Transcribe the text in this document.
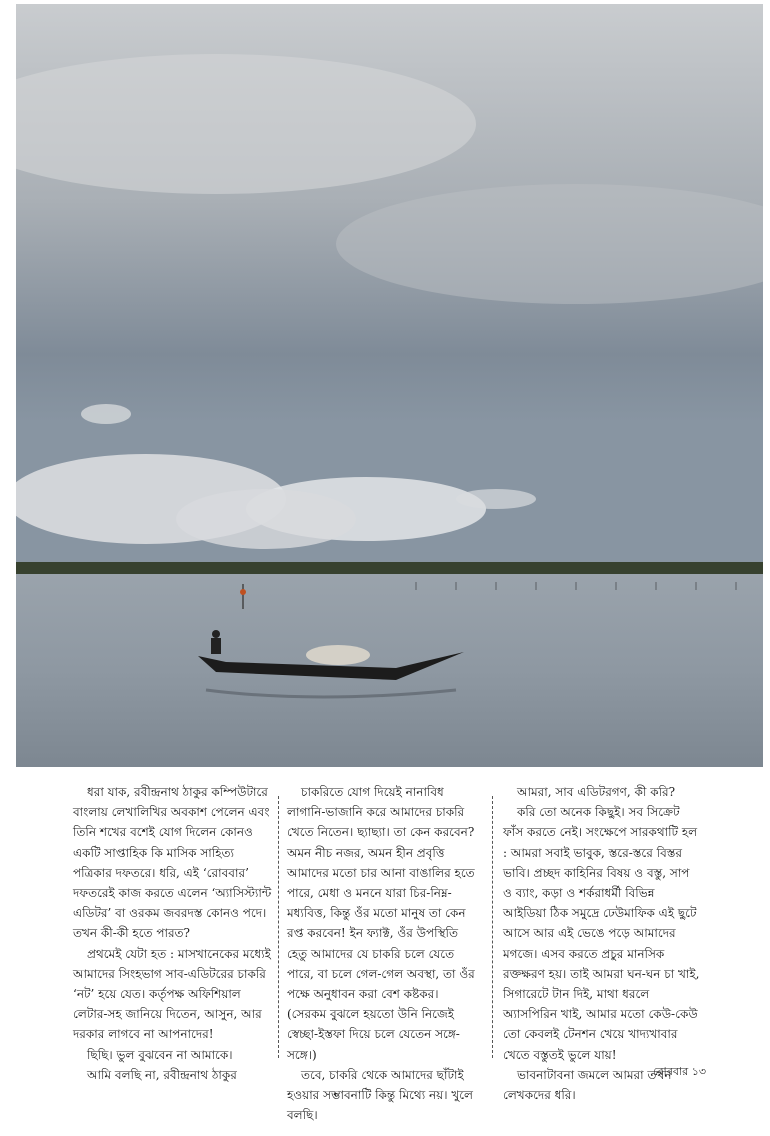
ধরা যাক, রবীন্দ্রনাথ ঠাকুর কম্পিউটারে বাংলায় লেখালিখির অবকাশ পেলেন এবং তিনি শখের বশেই যোগ দিলেন কোনও একটি সাপ্তাহিক কি মাসিক সাহিত্য পত্রিকার দফতরে। ধরি, এই ‘রোববার’ দফতরেই কাজ করতে এলেন ‘অ্যাসিস্ট্যান্ট এডিটর’ বা ওরকম জবরদস্ত কোনও পদে। তখন কী-কী হতে পারত?

প্রথমেই যেটা হত : মাসখানেকের মধ্যেই আমাদের সিংহভাগ সাব-এডিটরের চাকরি ‘নট’ হয়ে যেত। কর্তৃপক্ষ অফিশিয়াল লেটার-সহ জানিয়ে দিতেন, আসুন, আর দরকার লাগবে না আপনাদের!

ছিছি। ভুল বুঝবেন না আমাকে।

আমি বলছি না, রবীন্দ্রনাথ ঠাকুর

চাকরিতে যোগ দিয়েই নানাবিধ লাগানি-ভাজানি করে আমাদের চাকরি খেতে নিতেন। ছ্যাছ্যা। তা কেন করবেন? অমন নীচ নজর, অমন হীন প্রবৃত্তি আমাদের মতো চার আনা বাঙালির হতে পারে, মেধা ও মননে যারা চির-নিম্ন-মধ্যবিত্ত, কিন্তু ওঁর মতো মানুষ তা কেন রপ্ত করবেন! ইন ফ্যাক্ট, ওঁর উপস্থিতি হেতু আমাদের যে চাকরি চলে যেতে পারে, বা চলে গেল-গেল অবস্থা, তা ওঁর পক্ষে অনুধাবন করা বেশ কষ্টকর। (সেরকম বুঝলে হয়তো উনি নিজেই স্বেচ্ছা-ইস্তফা দিয়ে চলে যেতেন সঙ্গে-সঙ্গে।)

তবে, চাকরি থেকে আমাদের ছাঁটাই হওয়ার সম্ভাবনাটি কিন্তু মিথ্যে নয়। খুলে বলছি।

আমরা, সাব এডিটরগণ, কী করি?

করি তো অনেক কিছুই। সব সিক্রেট ফাঁস করতে নেই। সংক্ষেপে সারকথাটি হল : আমরা সবাই ভাবুক, স্তরে-স্তরে বিস্তর ভাবি। প্রচ্ছদ কাহিনির বিষয় ও বস্তু, সাপ ও ব্যাং, কড়া ও শর্করাধর্মী বিভিন্ন আইডিয়া ঠিক সমুদ্রে ঢেউমাফিক এই ছুটে আসে আর এই ভেঙে পড়ে আমাদের মগজে। এসব করতে প্রচুর মানসিক রক্তক্ষরণ হয়। তাই আমরা ঘন-ঘন চা খাই, সিগারেটে টান দিই, মাথা ধরলে অ্যাসপিরিন খাই, আমার মতো কেউ-কেউ তো কেবলই টেনশন খেয়ে খাদ্যখাবার খেতে বস্তুতই ভুলে যায়!

ভাবনাটাবনা জমলে আমরা তখন লেখকদের ধরি।

রোববার ১৩
